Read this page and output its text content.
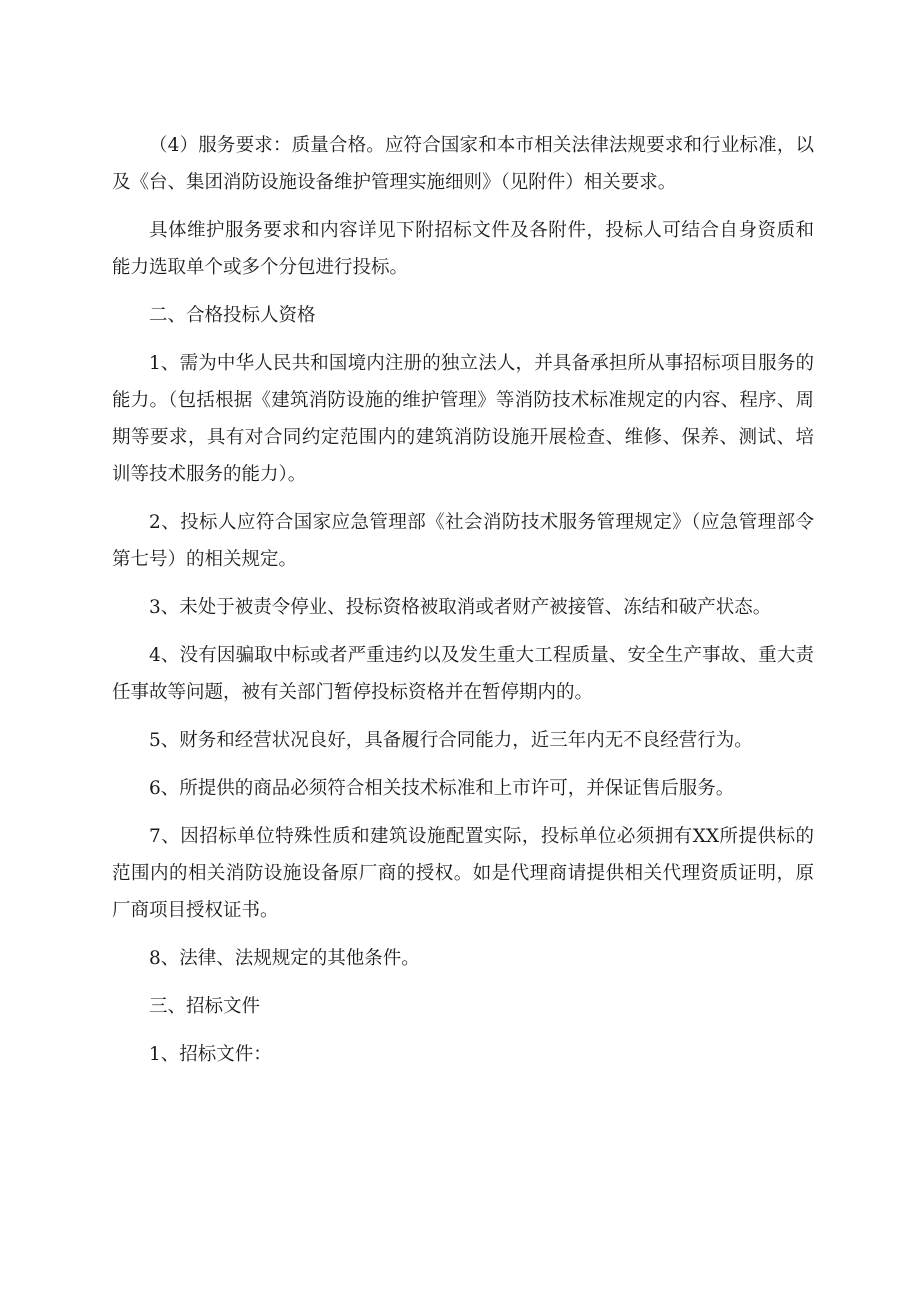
（4）服务要求：质量合格。应符合国家和本市相关法律法规要求和行业标准，以及《台、集团消防设施设备维护管理实施细则》（见附件）相关要求。

具体维护服务要求和内容详见下附招标文件及各附件，投标人可结合自身资质和能力选取单个或多个分包进行投标。

二、合格投标人资格

1、需为中华人民共和国境内注册的独立法人，并具备承担所从事招标项目服务的能力。（包括根据《建筑消防设施的维护管理》等消防技术标准规定的内容、程序、周期等要求，具有对合同约定范围内的建筑消防设施开展检查、维修、保养、测试、培训等技术服务的能力）。

2、投标人应符合国家应急管理部《社会消防技术服务管理规定》（应急管理部令第七号）的相关规定。

3、未处于被责令停业、投标资格被取消或者财产被接管、冻结和破产状态。

4、没有因骗取中标或者严重违约以及发生重大工程质量、安全生产事故、重大责任事故等问题，被有关部门暂停投标资格并在暂停期内的。

5、财务和经营状况良好，具备履行合同能力，近三年内无不良经营行为。

6、所提供的商品必须符合相关技术标准和上市许可，并保证售后服务。

7、因招标单位特殊性质和建筑设施配置实际，投标单位必须拥有XX所提供标的范围内的相关消防设施设备原厂商的授权。如是代理商请提供相关代理资质证明，原厂商项目授权证书。

8、法律、法规规定的其他条件。

三、招标文件

1、招标文件：
